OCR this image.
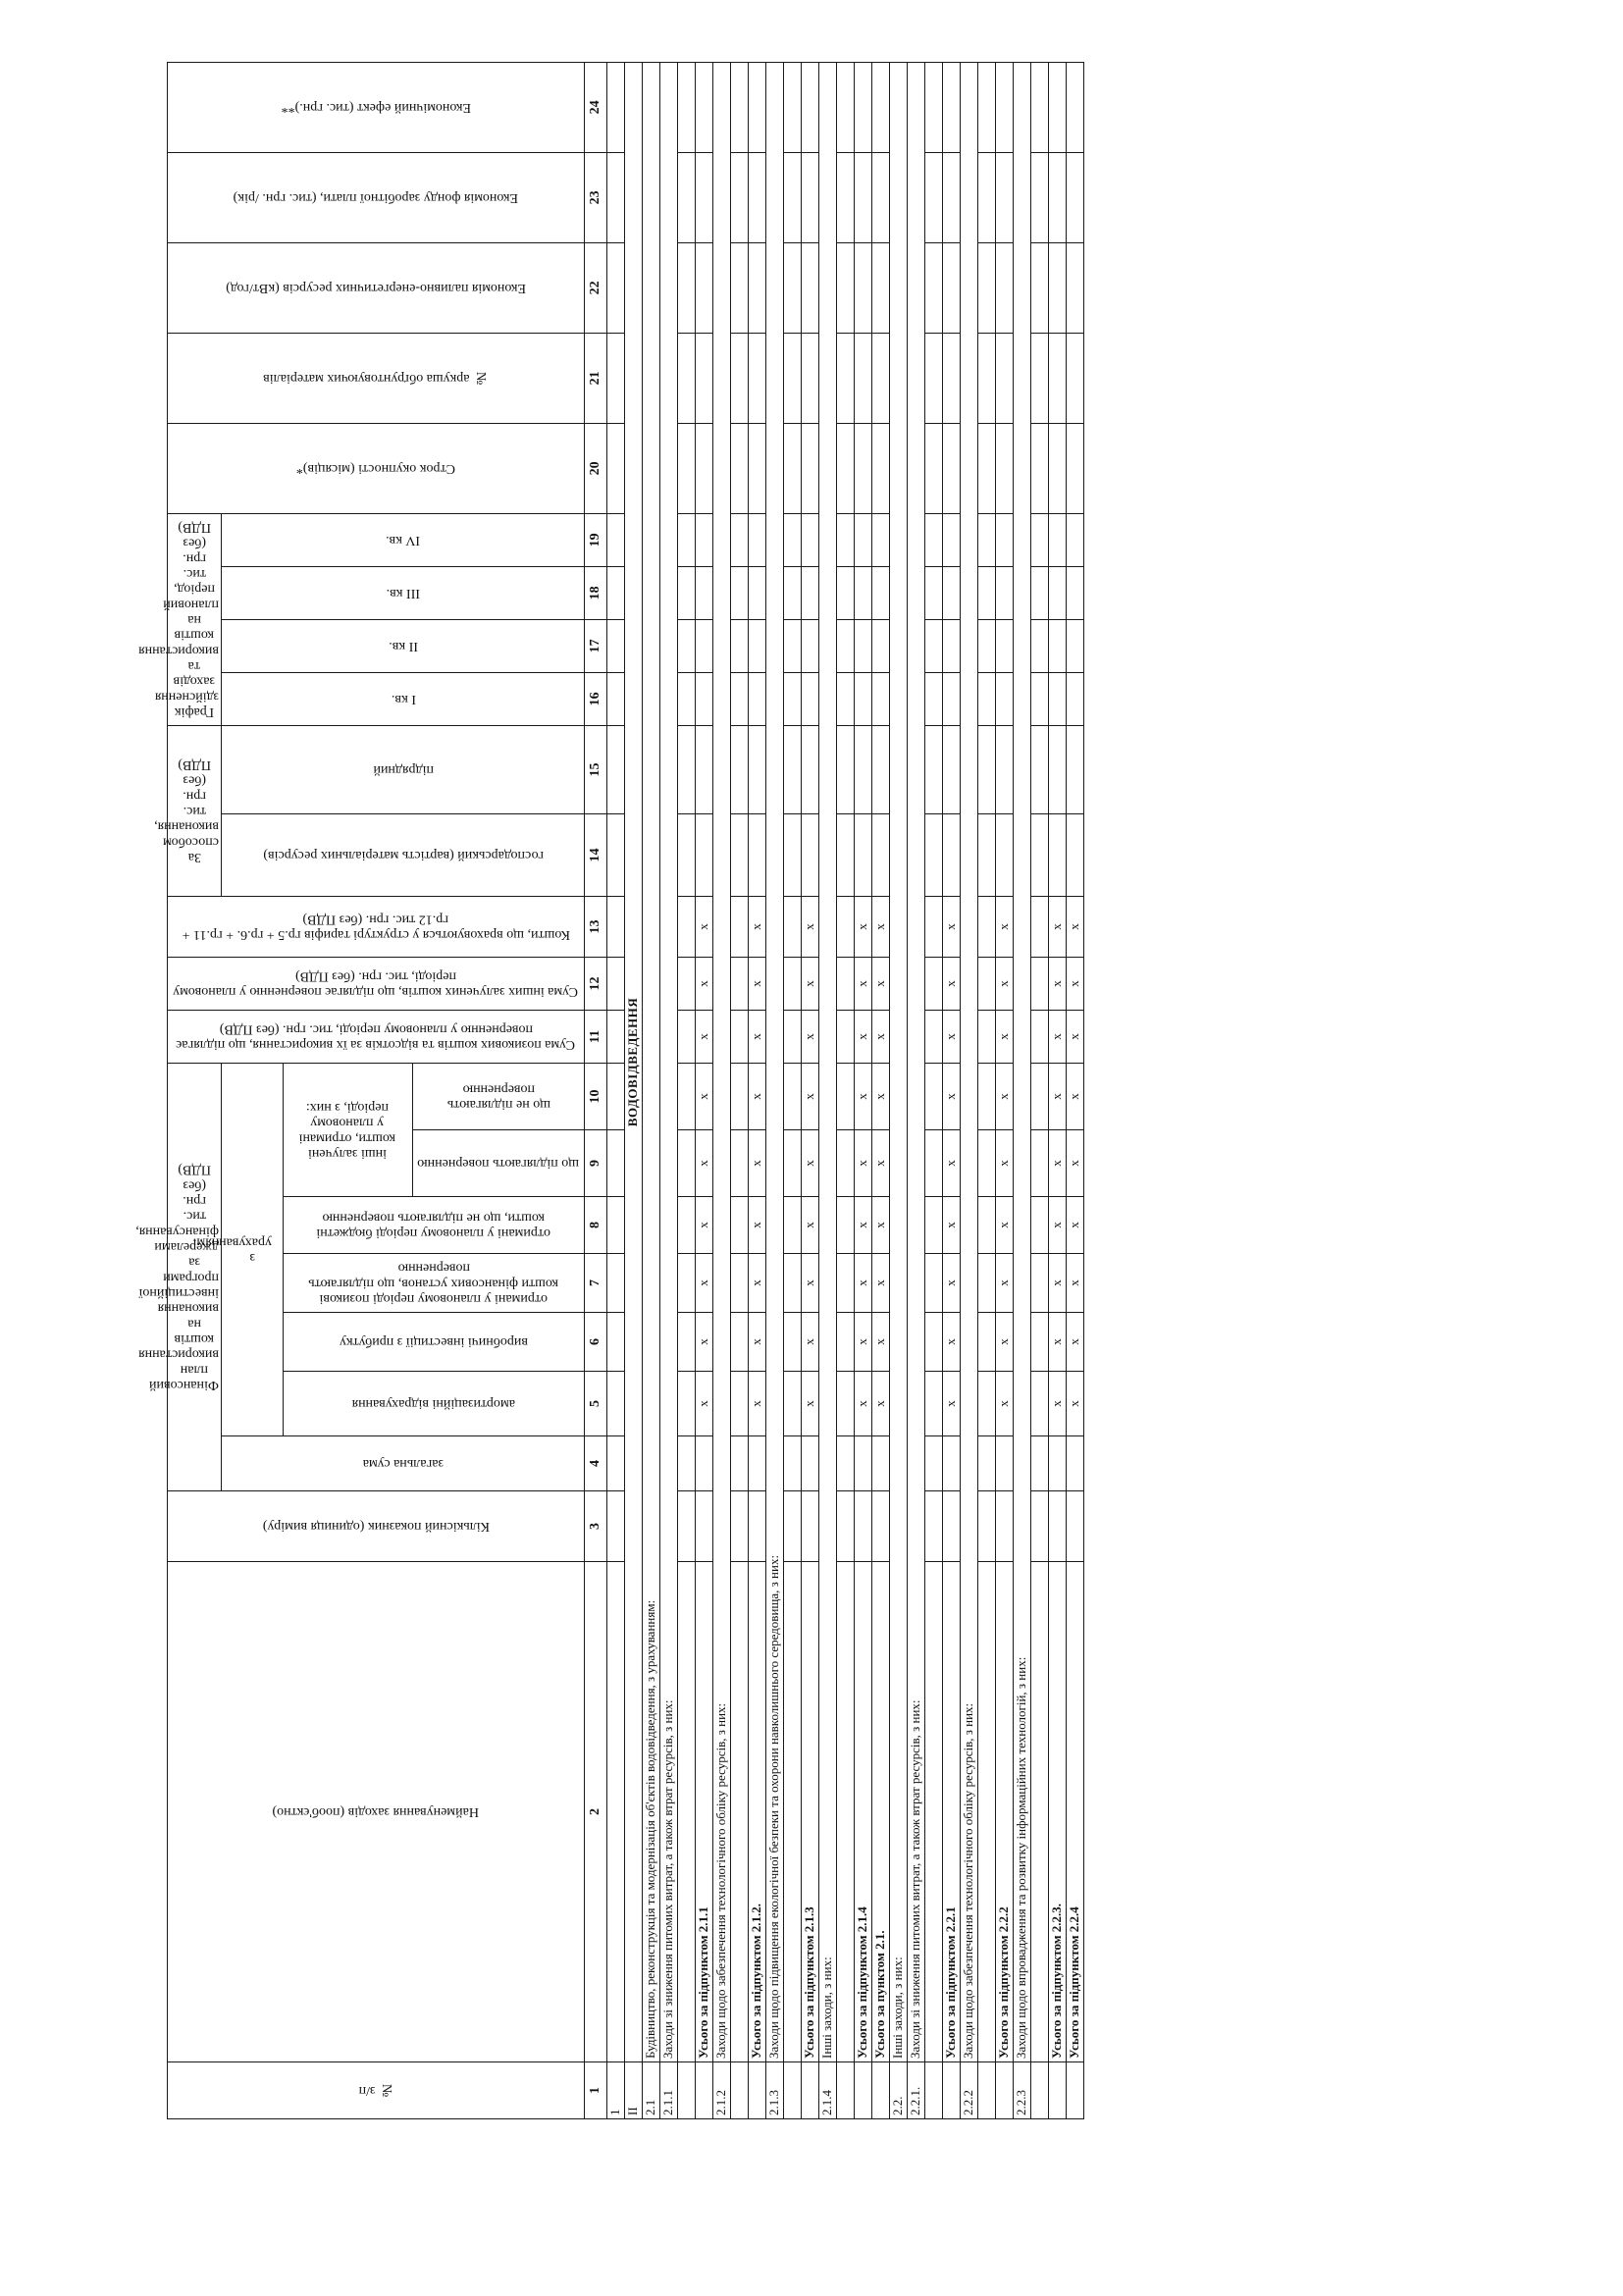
№ з/п	Найменування заходів (пооб'єктно)	Кількісний показник (одиниця виміру)	Фінансовий план використання коштів на виконання інвестиційної програми за джерелами фінансування, тис. грн. (без ПДВ)							Сума позикових коштів та відсотків за їх використання, що підлягає поверненню у плановому періоді, тис. грн. (без ПДВ)	Сума інших залучених коштів, що підлягає поверненню у плановому періоді, тис. грн. (без ПДВ)	Кошти, що враховуються у структурі тарифів гр.5 + гр.6. + гр.11 + гр.12 тис. грн. (без ПДВ)	За способом виконання, тис. грн. (без ПДВ)		Графік здійснення заходів та використання коштів на плановий період, тис. грн. (без ПДВ)				Строк окупності (місяців)*	№ аркуша обґрунтовуючих матеріалів	Економія паливно-енергетичних ресурсів (кВт/год)	Економія фонду заробітної плати, (тис. грн. /рік)	Економічний ефект (тис. грн.)**

			загальна сума	з урахуванням:									господарський (вартість матеріальних ресурсів)	підрядний	І кв.	ІІ кв.	ІІІ кв.	IV кв.					

				амортизаційні відрахування	виробничі інвестиції з прибутку	отримані у плановому періоді позикові кошти фінансових установ, що підлягають поверненню	отримані у плановому періоді бюджетні кошти, що не підлягають поверненню	інші залучені кошти, отримані у плановому періоді, з них:															

								що підлягають поверненню	що не підлягають поверненню														

1	2	3	4	5	6	7	8	9	10	11	12	13	14	15	16	17	18	19	20	21	22	23	24
1																							
ІІ	ВОДОВІДВЕДЕННЯ																						
2.1	Будівництво, реконструкція та модернізація об'єктів водовідведення, з урахуванням:																						
2.1.1	Заходи зі зниження питомих витрат, а також втрат ресурсів, з них:																						

	Усього за підпунктом 2.1.1			х	х	х	х	х	х	х	х	х											
2.1.2	Заходи щодо забезпечення технологічного обліку ресурсів, з них:																						

	Усього за підпунктом 2.1.2.			х	х	х	х	х	х	х	х	х											
2.1.3	Заходи щодо підвищення екологічної безпеки та охорони навколишнього середовища, з них:																						

	Усього за підпунктом 2.1.3			х	х	х	х	х	х	х	х	х											
2.1.4	Інші заходи, з них:																						

	Усього за підпунктом 2.1.4			х	х	х	х	х	х	х	х	х											
	Усього за пунктом 2.1.			х	х	х	х	х	х	х	х	х											
2.2.	Інші заходи, з них:																						
2.2.1.	Заходи зі зниження питомих витрат, а також втрат ресурсів, з них:																						

	Усього за підпунктом 2.2.1			х	х	х	х	х	х	х	х	х											
2.2.2	Заходи щодо забезпечення технологічного обліку ресурсів, з них:																						

	Усього за підпунктом 2.2.2			х	х	х	х	х	х	х	х	х											
2.2.3	Заходи щодо впровадження та розвитку інформаційних технологій, з них:																						

	Усього за підпунктом 2.2.3.			х	х	х	х	х	х	х	х	х											
	Усього за підпунктом 2.2.4			х	х	х	х	х	х	х	х	х											
